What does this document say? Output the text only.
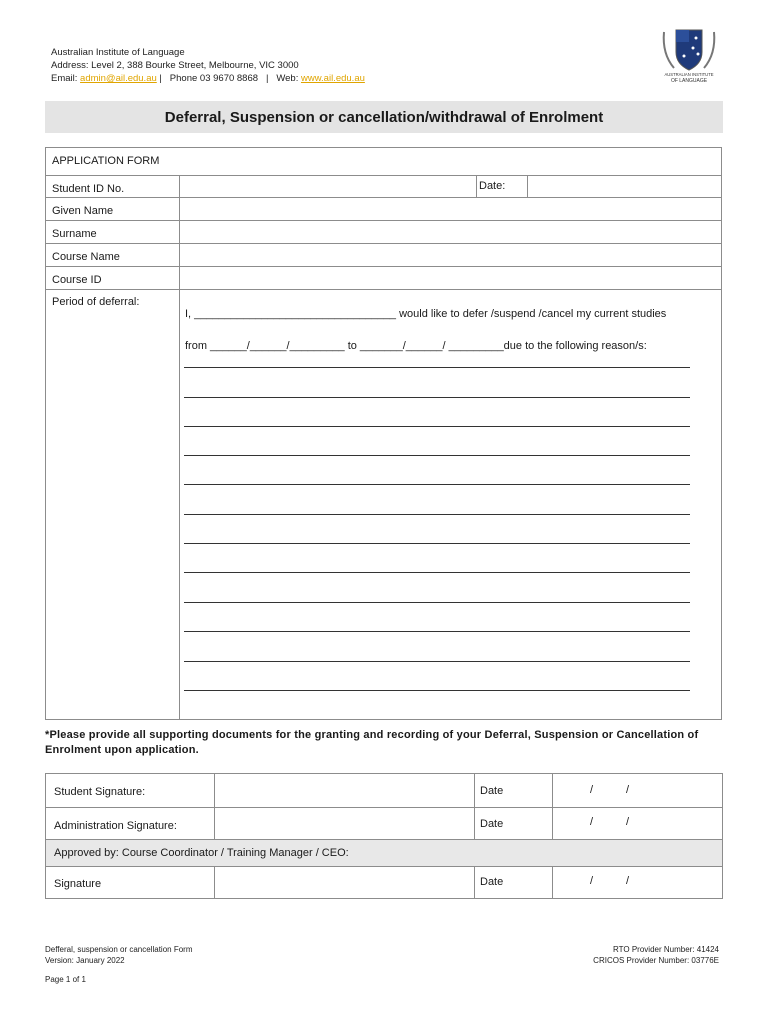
Australian Institute of Language
Address: Level 2, 388 Bourke Street, Melbourne, VIC 3000
Email: admin@ail.edu.au |   Phone 03 9670 8868   |   Web: www.ail.edu.au	AUSTRALIAN INSTITUTE
OF LANGUAGE
Deferral, Suspension or cancellation/withdrawal of Enrolment
APPLICATION FORM
Student ID No.	Date:
Given Name
Surname
Course Name
Course ID
Period of deferral:
I, _________________________________ would like to defer /suspend /cancel my current studies
from ______/______/_________ to _______/______/ _________due to the following reason/s:
*Please provide all supporting documents for the granting and recording of your Deferral, Suspension or Cancellation of Enrolment upon application.
Student Signature:	Date	/	/
Administration Signature:	Date	/	/
Approved by: Course Coordinator / Training Manager / CEO:
Signature	Date	/	/
Defferal, suspension or cancellation Form
Version: January 2022
Page 1 of 1
RTO Provider Number: 41424
CRICOS Provider Number: 03776E
